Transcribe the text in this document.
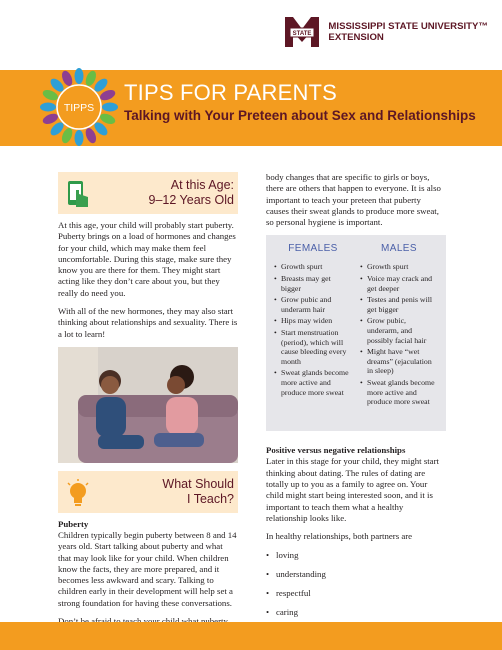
STATE
MISSISSIPPI STATE UNIVERSITY™
EXTENSION
TIPPS
TIPS FOR PARENTS
Talking with Your Preteen about Sex and Relationships
At this Age:
9–12 Years Old

At this age, your child will probably start puberty. Puberty brings on a load of hormones and changes for your child, which may make them feel uncomfortable. During this stage, make sure they know you are there for them. They might start acting like they don’t care about you, but they really do need you.

With all of the new hormones, they may also start thinking about relationships and sexuality. There is a lot to learn!

What Should
I Teach?
Puberty

Children typically begin puberty between 8 and 14 years old. Start talking about puberty and what that may look like for your child. When children know the facts, they are more prepared, and it becomes less awkward and scary. Talking to children early in their development will help set a strong foundation for having these conversations.

body changes that are specific to girls or boys, there are others that happen to everyone. It is also important to teach your preteen that puberty causes their sweat glands to produce more sweat, so personal hygiene is important.

FEMALES
• Growth spurt
• Breasts may get bigger
• Grow pubic and underarm hair
• Hips may widen
• Start menstruation (period), which will cause bleeding every month
• Sweat glands become more active and produce more sweat
MALES
• Growth spurt
• Voice may crack and get deeper
• Testes and penis will get bigger
• Grow pubic, underarm, and possibly facial hair
• Might have “wet dreams” (ejaculation in sleep)
• Sweat glands become more active and produce more sweat
Positive versus negative relationships

Later in this stage for your child, they might start thinking about dating. The rules of dating are totally up to you as a family to agree on. Your child might start being interested soon, and it is important to teach them what a healthy relationship looks like.

In healthy relationships, both partners are

• loving
• understanding
• respectful
• caring
